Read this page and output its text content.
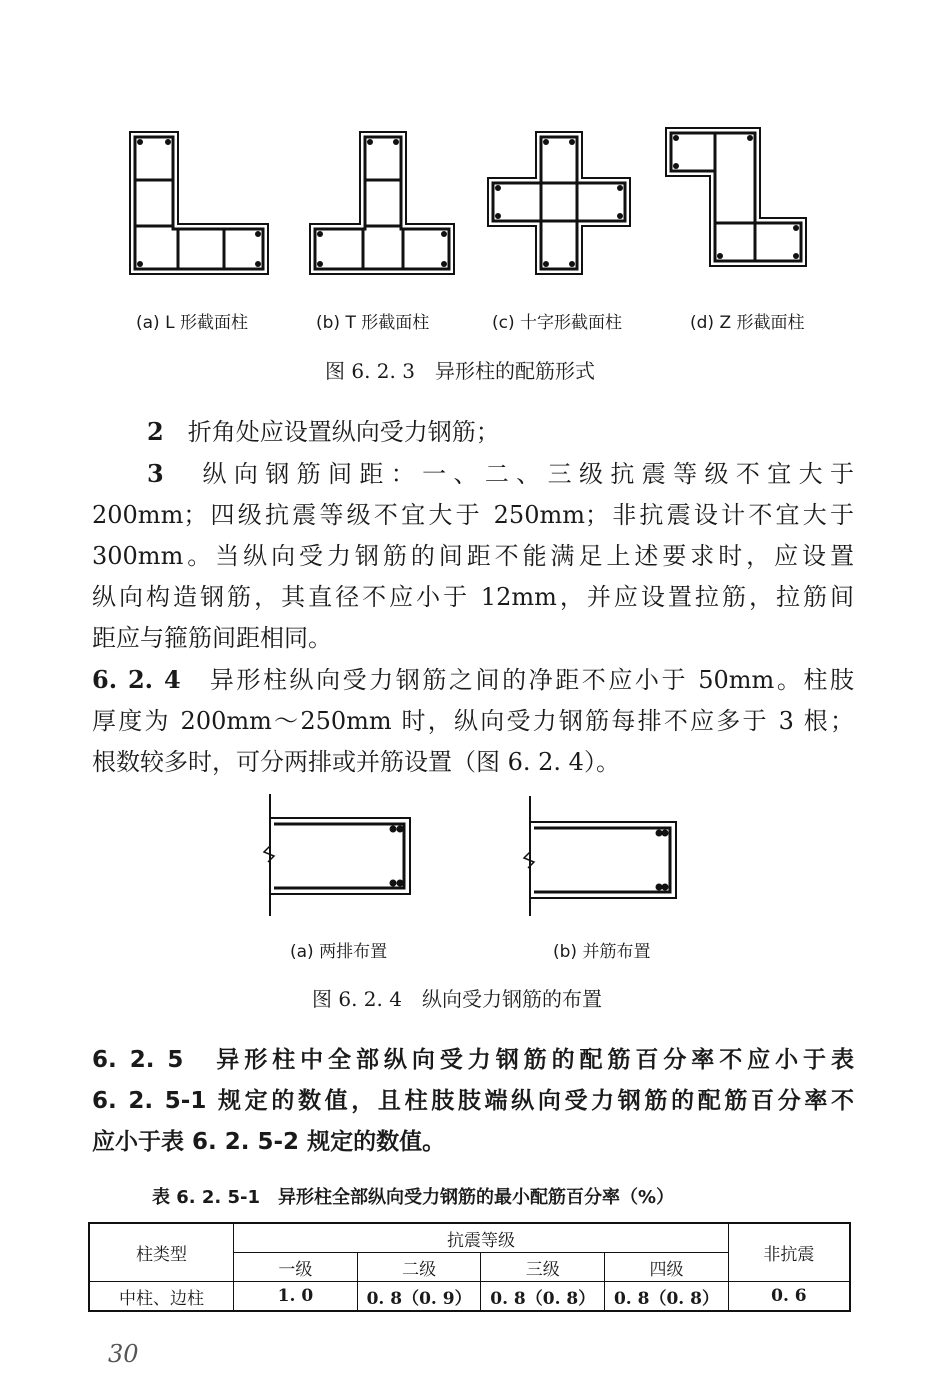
(a) L 形截面柱	(b) T 形截面柱	(c) 十字形截面柱	(d) Z 形截面柱
图 6. 2. 3　异形柱的配筋形式

2　 折角处应设置纵向受力钢筋；

3　 纵向钢筋间距：一、二、三级抗震等级不宜大于

200mm；四级抗震等级不宜大于 250mm；非抗震设计不宜大于

300mm。当纵向受力钢筋的间距不能满足上述要求时，应设置

纵向构造钢筋，其直径不应小于 12mm，并应设置拉筋，拉筋间

距应与箍筋间距相同。

6. 2. 4　 异形柱纵向受力钢筋之间的净距不应小于 50mm。柱肢

厚度为 200mm～250mm 时，纵向受力钢筋每排不应多于 3 根；

根数较多时，可分两排或并筋设置（图 6. 2. 4）。

(a) 两排布置	(b) 并筋布置
图 6. 2. 4　纵向受力钢筋的布置

6. 2. 5　异形柱中全部纵向受力钢筋的配筋百分率不应小于表

6. 2. 5-1 规定的数值，且柱肢肢端纵向受力钢筋的配筋百分率不

应小于表 6. 2. 5-2 规定的数值。

表 6. 2. 5-1　异形柱全部纵向受力钢筋的最小配筋百分率（%）
柱类型	抗震等级				非抗震
	一级	二级	三级	四级	
中柱、边柱	1. 0	0. 8（0. 9）	0. 8（0. 8）	0. 8（0. 8）	0. 6
30
